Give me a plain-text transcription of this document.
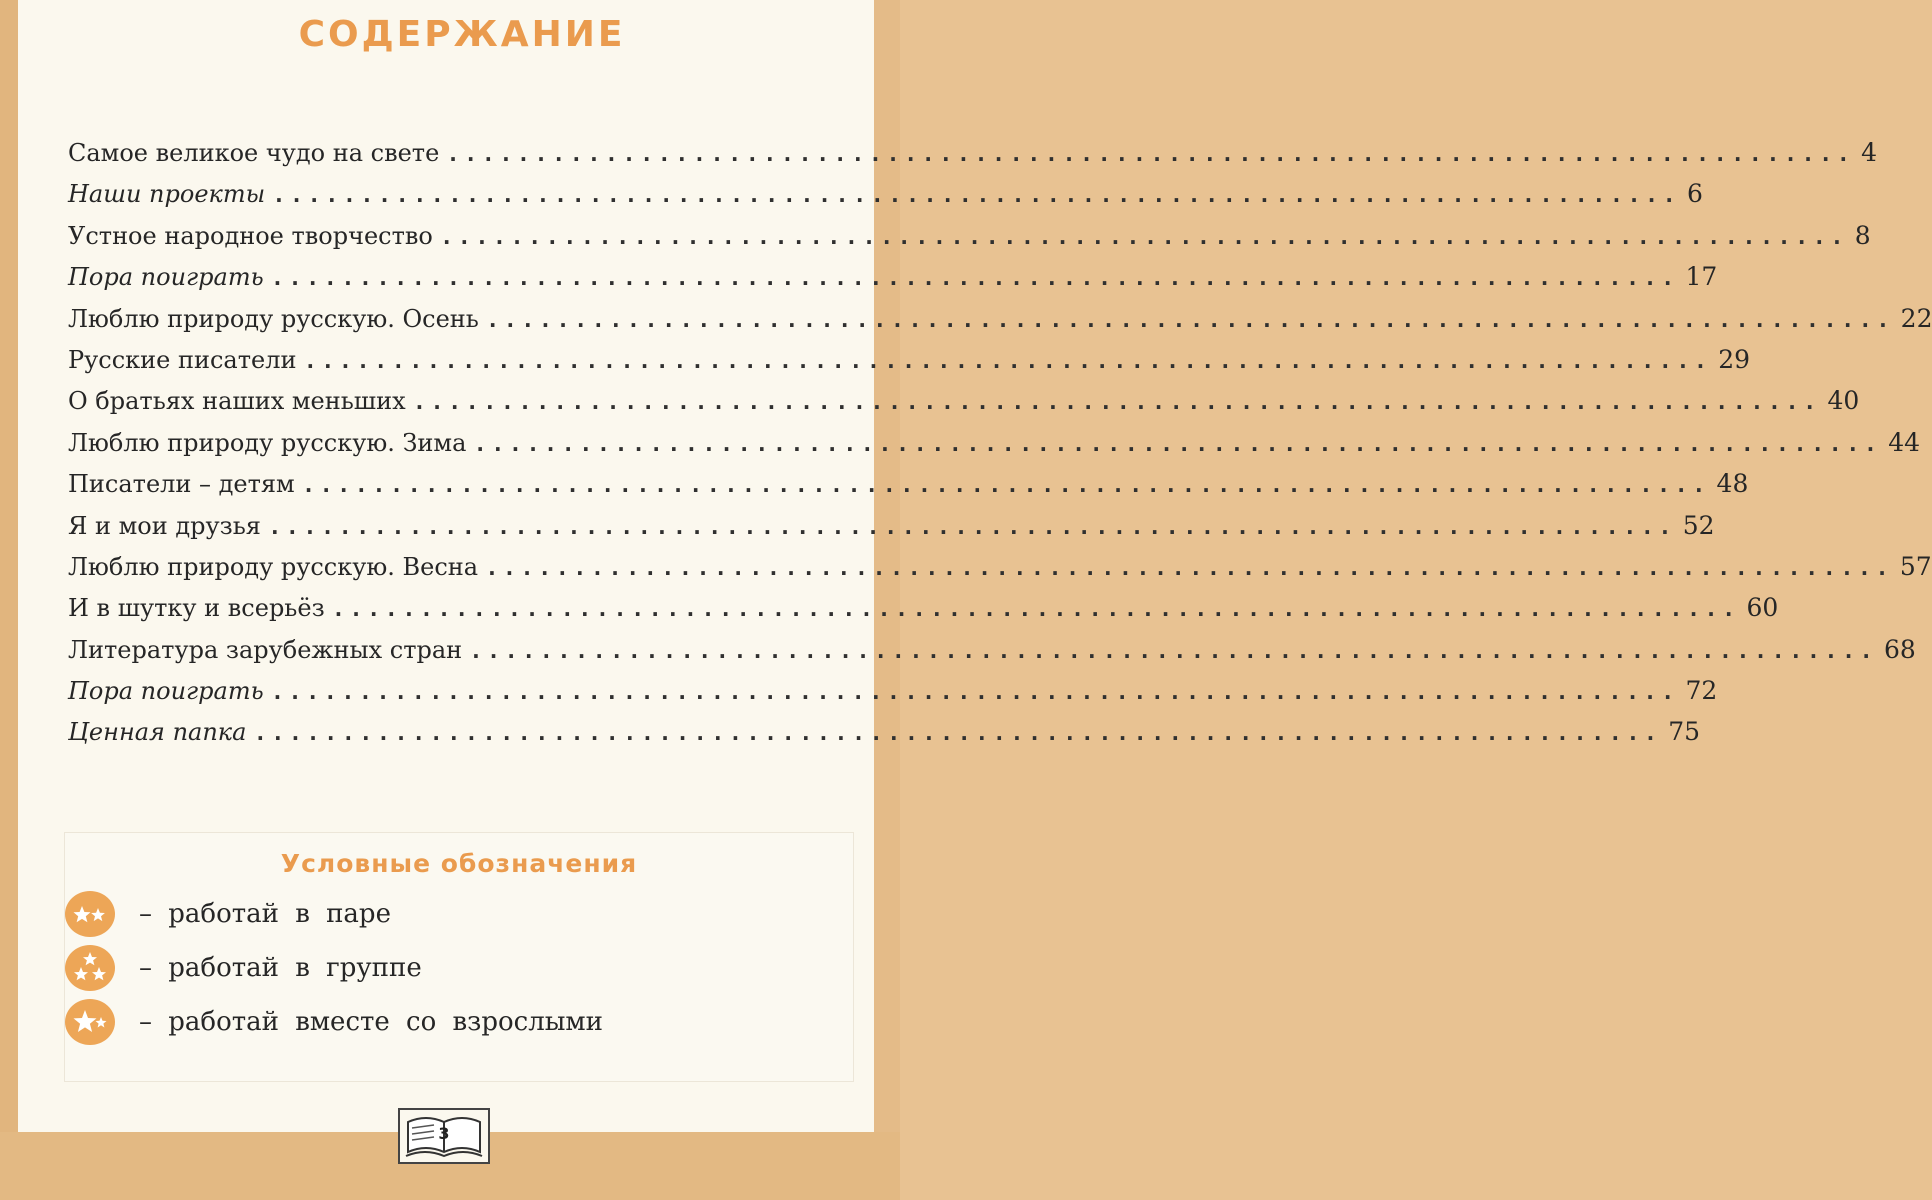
СОДЕРЖАНИЕ
Самое великое чудо на свете ................................................................................ 4
Наши проекты ................................................................................ 6
Устное народное творчество ................................................................................ 8
Пора поиграть ................................................................................ 17
Люблю природу русскую. Осень ................................................................................ 22
Русские писатели ................................................................................ 29
О братьях наших меньших ................................................................................ 40
Люблю природу русскую. Зима ................................................................................ 44
Писатели – детям ................................................................................ 48
Я и мои друзья ................................................................................ 52
Люблю природу русскую. Весна ................................................................................ 57
И в шутку и всерьёз ................................................................................ 60
Литература зарубежных стран ................................................................................ 68
Пора поиграть ................................................................................ 72
Ценная папка ................................................................................ 75
Условные обозначения
– работай в паре
– работай в группе
– работай вместе со взрослыми
3
